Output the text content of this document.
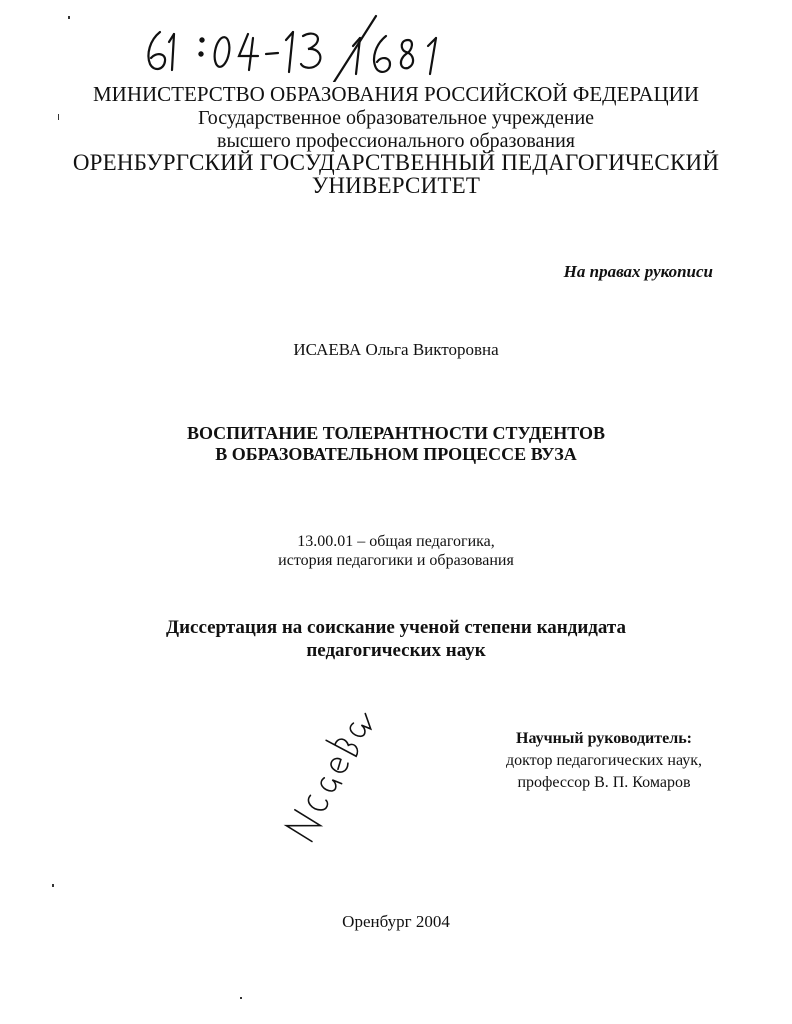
МИНИСТЕРСТВО ОБРАЗОВАНИЯ РОССИЙСКОЙ ФЕДЕРАЦИИ
Государственное образовательное учреждение
высшего профессионального образования
ОРЕНБУРГСКИЙ ГОСУДАРСТВЕННЫЙ ПЕДАГОГИЧЕСКИЙ
УНИВЕРСИТЕТ
На правах рукописи
ИСАЕВА Ольга Викторовна
ВОСПИТАНИЕ ТОЛЕРАНТНОСТИ СТУДЕНТОВ
В ОБРАЗОВАТЕЛЬНОМ ПРОЦЕССЕ ВУЗА
13.00.01 – общая педагогика,
история педагогики и образования
Диссертация на соискание ученой степени кандидата
педагогических наук
Научный руководитель:
доктор педагогических наук,
профессор В. П. Комаров
Оренбург 2004
